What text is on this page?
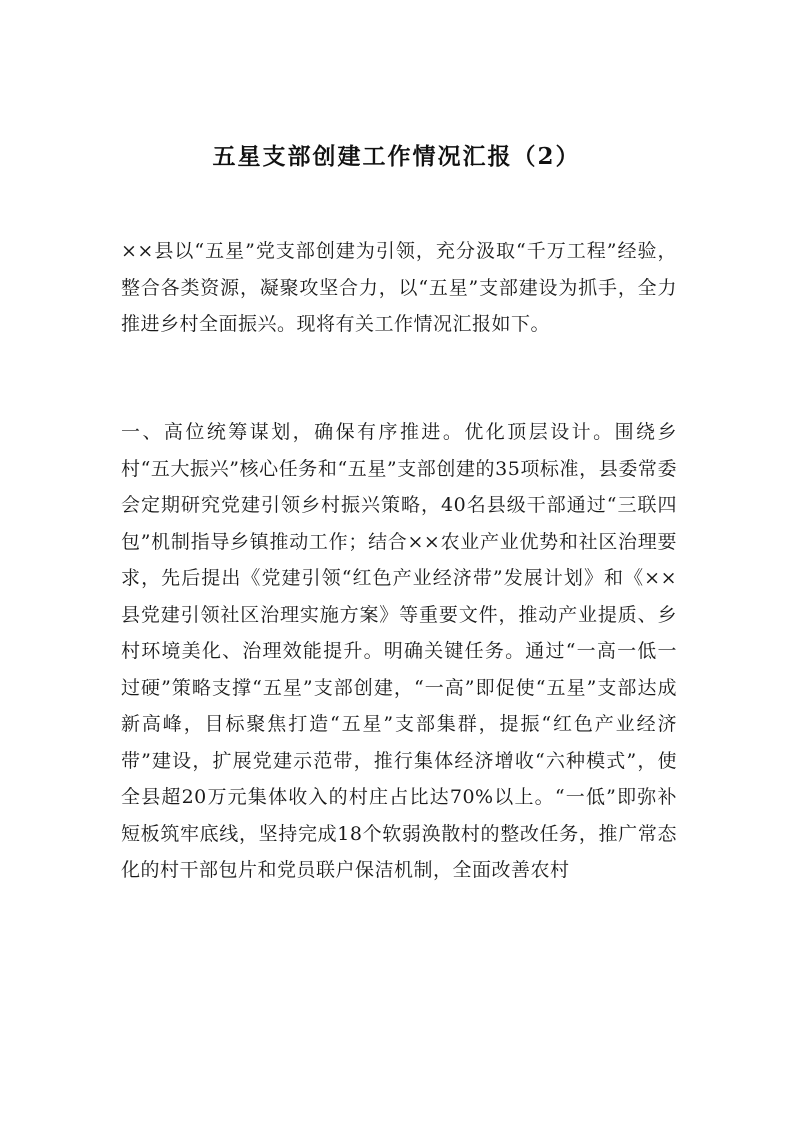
五星支部创建工作情况汇报（2）

××县以“五星”党支部创建为引领，充分汲取“千万工程”经验，整合各类资源，凝聚攻坚合力，以“五星”支部建设为抓手，全力推进乡村全面振兴。现将有关工作情况汇报如下。

一、高位统筹谋划，确保有序推进。优化顶层设计。围绕乡村“五大振兴”核心任务和“五星”支部创建的35项标准，县委常委会定期研究党建引领乡村振兴策略，40名县级干部通过“三联四包”机制指导乡镇推动工作；结合××农业产业优势和社区治理要求，先后提出《党建引领“红色产业经济带”发展计划》和《××县党建引领社区治理实施方案》等重要文件，推动产业提质、乡村环境美化、治理效能提升。明确关键任务。通过“一高一低一过硬”策略支撑“五星”支部创建，“一高”即促使“五星”支部达成新高峰，目标聚焦打造“五星”支部集群，提振“红色产业经济带”建设，扩展党建示范带，推行集体经济增收“六种模式”，使全县超20万元集体收入的村庄占比达70%以上。“一低”即弥补短板筑牢底线，坚持完成18个软弱涣散村的整改任务，推广常态化的村干部包片和党员联户保洁机制，全面改善农村
